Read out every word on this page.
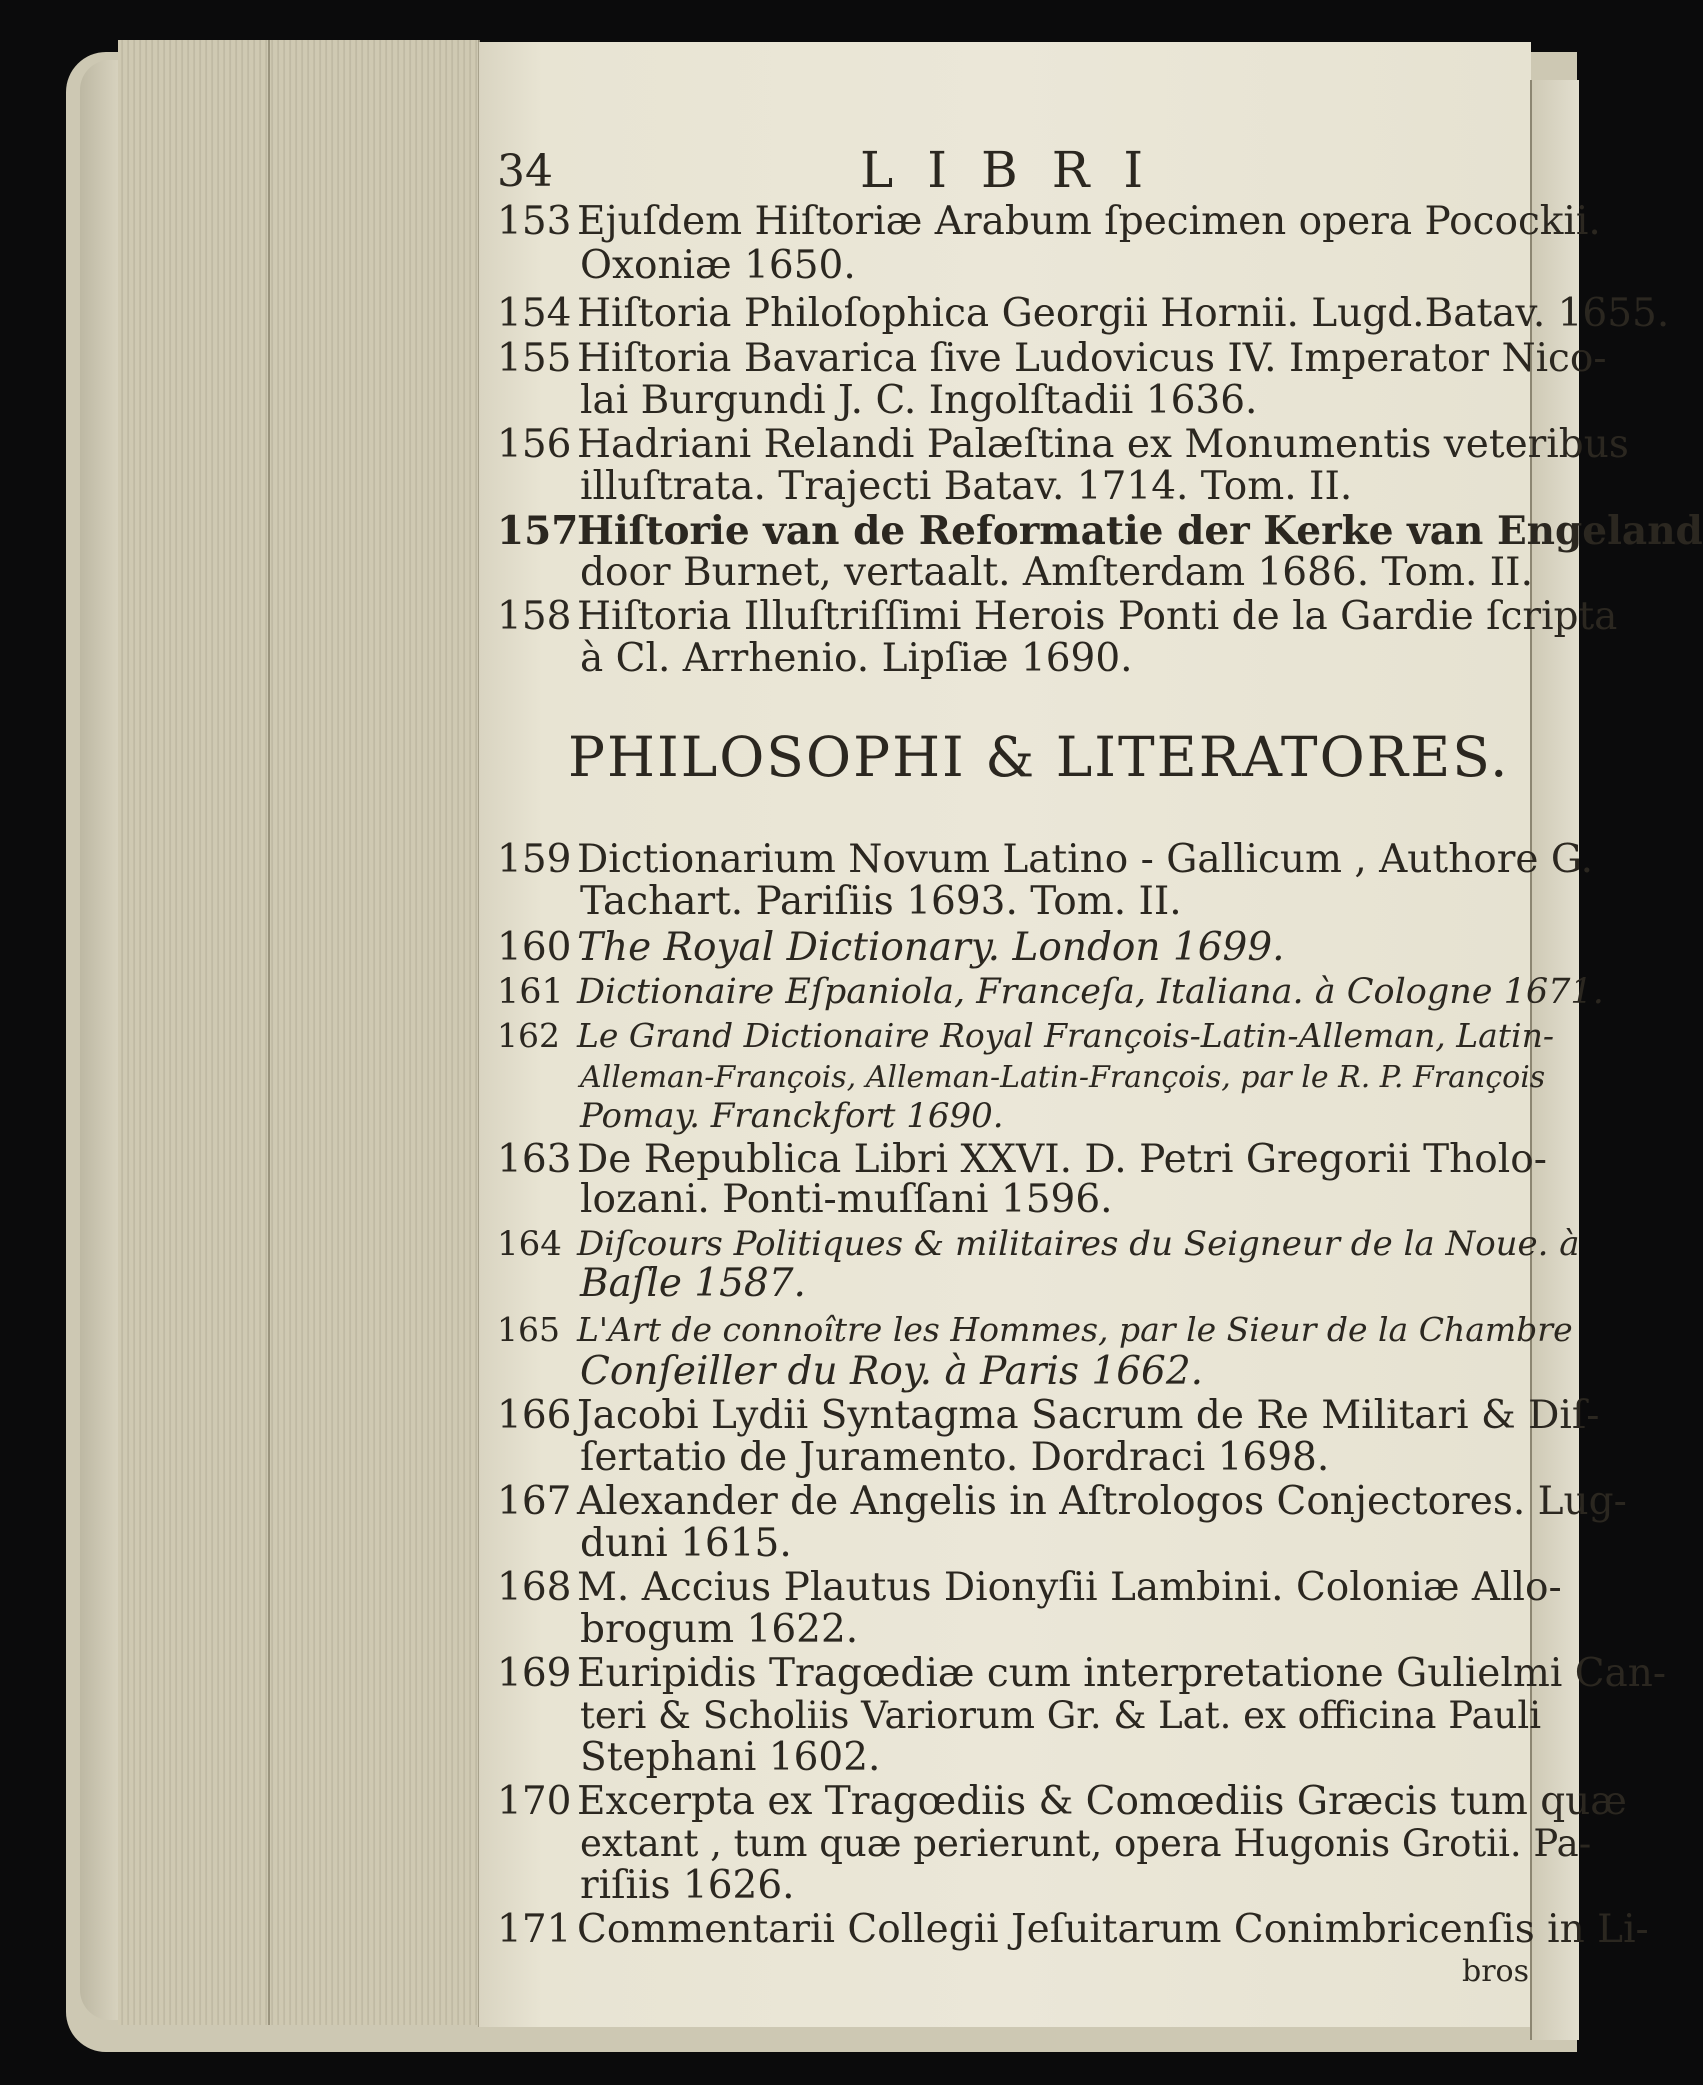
34	LIBRI
153 Ejuſdem Hiſtoriæ Arabum ſpecimen opera Pocockii.
Oxoniæ 1650.
154 Hiſtoria Philoſophica Georgii Hornii. Lugd.Batav. 1655.
155 Hiſtoria Bavarica ſive Ludovicus IV. Imperator Nico-
lai Burgundi J. C. Ingolſtadii 1636.
156 Hadriani Relandi Palæſtina ex Monumentis veteribus
illuſtrata. Trajecti Batav. 1714. Tom. II.
157Hiſtorie van de Reformatie der Kerke van Engeland
door Burnet, vertaalt. Amſterdam 1686. Tom. II.
158 Hiſtoria Illuſtriſſimi Herois Ponti de la Gardie ſcripta
à Cl. Arrhenio. Lipſiæ 1690.
PHILOSOPHI & LITERATORES.
159 Dictionarium Novum Latino - Gallicum , Authore G.
Tachart. Pariſiis 1693. Tom. II.
160 The Royal Dictionary. London 1699.
161 Dictionaire Eſpaniola, Franceſa, Italiana. à Cologne 1671.
162 Le Grand Dictionaire Royal François-Latin-Alleman, Latin-
Alleman-François, Alleman-Latin-François, par le R. P. François
Pomay. Franckfort 1690.
163 De Republica Libri XXVI. D. Petri Gregorii Tholo-
lozani. Ponti-muſſani 1596.
164 Diſcours Politiques & militaires du Seigneur de la Noue. à
Baſle 1587.
165 L'Art de connoître les Hommes, par le Sieur de la Chambre
Conſeiller du Roy. à Paris 1662.
166 Jacobi Lydii Syntagma Sacrum de Re Militari & Diſ-
ſertatio de Juramento. Dordraci 1698.
167 Alexander de Angelis in Aſtrologos Conjectores. Lug-
duni 1615.
168 M. Accius Plautus Dionyſii Lambini. Coloniæ Allo-
brogum 1622.
169 Euripidis Tragœdiæ cum interpretatione Gulielmi Can-
teri & Scholiis Variorum Gr. & Lat. ex officina Pauli
Stephani 1602.
170 Excerpta ex Tragœdiis & Comœdiis Græcis tum quæ
extant , tum quæ perierunt, opera Hugonis Grotii. Pa-
riſiis 1626.
171 Commentarii Collegii Jeſuitarum Conimbricenſis in Li-
bros
